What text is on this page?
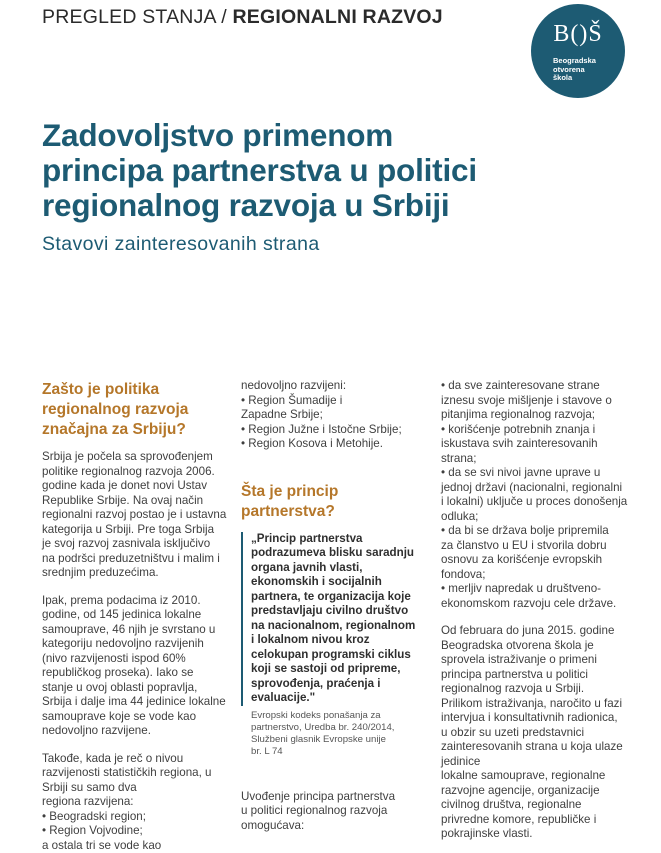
PREGLED STANJA / REGIONALNI RAZVOJ
B()Š
Beogradska
otvorena
škola
Zadovoljstvo primenom
principa partnerstva u politici
regionalnog razvoja u Srbiji
Stavovi zainteresovanih strana
Zašto je politika
regionalnog razvoja
značajna za Srbiju?

Srbija je počela sa sprovođenjem
politike regionalnog razvoja 2006.
godine kada je donet novi Ustav
Republike Srbije. Na ovaj način
regionalni razvoj postao je i ustavna
kategorija u Srbiji. Pre toga Srbija
je svoj razvoj zasnivala isključivo
na podršci preduzetništvu i malim i
srednjim preduzećima.

Ipak, prema podacima iz 2010.
godine, od 145 jedinica lokalne
samouprave, 46 njih je svrstano u
kategoriju nedovoljno razvijenih
(nivo razvijenosti ispod 60%
republičkog proseka). Iako se
stanje u ovoj oblasti popravlja,
Srbija i dalje ima 44 jedinice lokalne
samouprave koje se vode kao
nedovoljno razvijene.

Takođe, kada je reč o nivou
razvijenosti statističkih regiona, u
Srbiji su samo dva
regiona razvijena:
• Beogradski region;
• Region Vojvodine;
a ostala tri se vode kao

nedovoljno razvijeni:
• Region Šumadije i
Zapadne Srbije;
• Region Južne i Istočne Srbije;
• Region Kosova i Metohije.

Šta je princip
partnerstva?
„Princip partnerstva
podrazumeva blisku saradnju
organa javnih vlasti,
ekonomskih i socijalnih
partnera, te organizacija koje
predstavljaju civilno društvo
na nacionalnom, regionalnom
i lokalnom nivou kroz
celokupan programski ciklus
koji se sastoji od pripreme,
sprovođenja, praćenja i
evaluacije."
Evropski kodeks ponašanja za
partnerstvo, Uredba br. 240/2014,
Službeni glasnik Evropske unije
br. L 74

Uvođenje principa partnerstva
u politici regionalnog razvoja
omogućava:

• da sve zainteresovane strane
iznesu svoje mišljenje i stavove o
pitanjima regionalnog razvoja;
• korišćenje potrebnih znanja i
iskustava svih zainteresovanih
strana;
• da se svi nivoi javne uprave u
jednoj državi (nacionalni, regionalni
i lokalni) uključe u proces donošenja
odluka;
• da bi se država bolje pripremila
za članstvo u EU i stvorila dobru
osnovu za korišćenje evropskih
fondova;
• merljiv napredak u društveno-
ekonomskom razvoju cele države.

Od februara do juna 2015. godine
Beogradska otvorena škola je
sprovela istraživanje o primeni
principa partnerstva u politici
regionalnog razvoja u Srbiji.
Prilikom istraživanja, naročito u fazi
intervjua i konsultativnih radionica,
u obzir su uzeti predstavnici
zainteresovanih strana u koja ulaze
jedinice
lokalne samouprave, regionalne
razvojne agencije, organizacije
civilnog društva, regionalne
privredne komore, republičke i
pokrajinske vlasti.
